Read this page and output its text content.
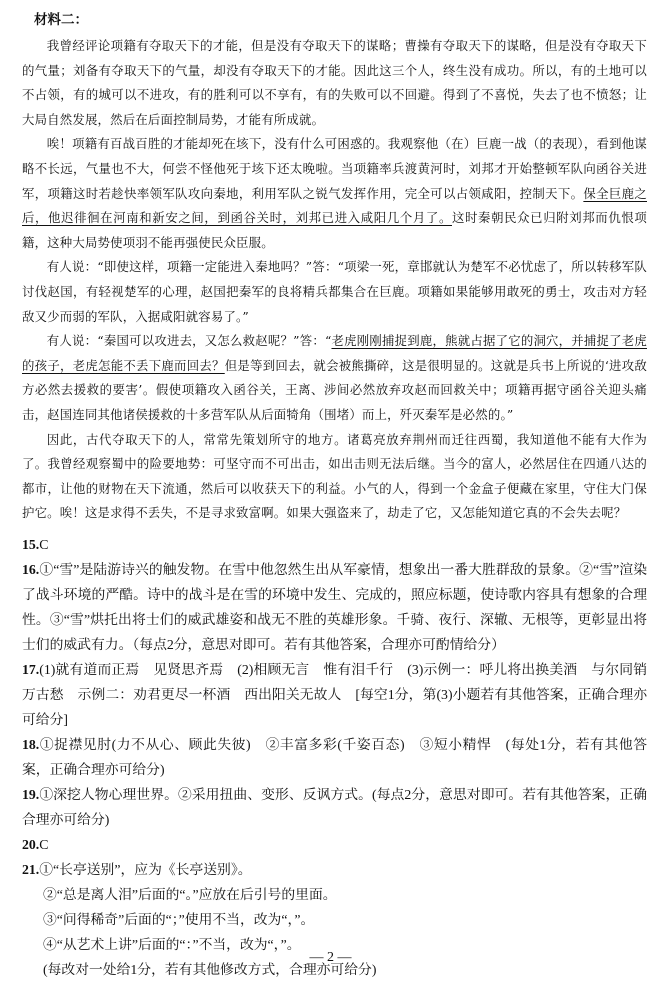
材料二：

我曾经评论项籍有夺取天下的才能，但是没有夺取天下的谋略；曹操有夺取天下的谋略，但是没有夺取天下的气量；刘备有夺取天下的气量，却没有夺取天下的才能。因此这三个人，终生没有成功。所以，有的土地可以不占领，有的城可以不进攻，有的胜利可以不享有，有的失败可以不回避。得到了不喜悦，失去了也不愤怒；让大局自然发展，然后在后面控制局势，才能有所成就。

唉！项籍有百战百胜的才能却死在垓下，没有什么可困惑的。我观察他（在）巨鹿一战（的表现），看到他谋略不长远，气量也不大，何尝不怪他死于垓下还太晚啦。当项籍率兵渡黄河时，刘邦才开始整顿军队向函谷关进军，项籍这时若趁快率领军队攻向秦地，利用军队之锐气发挥作用，完全可以占领咸阳，控制天下。保全巨鹿之后，他迟徘徊在河南和新安之间，到函谷关时，刘邦已进入咸阳几个月了。这时秦朝民众已归附刘邦而仇恨项籍，这种大局势使项羽不能再强使民众臣服。

有人说：“即使这样，项籍一定能进入秦地吗？”答：“项梁一死，章邯就认为楚军不必忧虑了，所以转移军队讨伐赵国，有轻视楚军的心理，赵国把秦军的良将精兵都集合在巨鹿。项籍如果能够用敢死的勇士，攻击对方轻敌又少而弱的军队，入据咸阳就容易了。”

有人说：“秦国可以攻进去，又怎么救赵呢？”答：“老虎刚刚捕捉到鹿，熊就占据了它的洞穴，并捕捉了老虎的孩子，老虎怎能不丢下鹿而回去？但是等到回去，就会被熊撕碎，这是很明显的。这就是兵书上所说的‘进攻敌方必然去援救的要害’。假使项籍攻入函谷关，王离、涉间必然放弃攻赵而回救关中；项籍再据守函谷关迎头痛击，赵国连同其他诸侯援救的十多营军队从后面犄角（围堵）而上，歼灭秦军是必然的。”

因此，古代夺取天下的人，常常先策划所守的地方。诸葛亮放弃荆州而迁往西蜀，我知道他不能有大作为了。我曾经观察蜀中的险要地势：可坚守而不可出击，如出击则无法后继。当今的富人，必然居住在四通八达的都市，让他的财物在天下流通，然后可以收获天下的利益。小气的人，得到一个金盒子便藏在家里，守住大门保护它。唉！这是求得不丢失，不是寻求致富啊。如果大强盗来了，劫走了它，又怎能知道它真的不会失去呢？

15.C

16.①“雪”是陆游诗兴的触发物。在雪中他忽然生出从军豪情，想象出一番大胜群敌的景象。②“雪”渲染了战斗环境的严酷。诗中的战斗是在雪的环境中发生、完成的，照应标题，使诗歌内容具有想象的合理性。③“雪”烘托出将士们的威武雄姿和战无不胜的英雄形象。千骑、夜行、深辙、无根等，更彰显出将士们的威武有力。（每点2分，意思对即可。若有其他答案，合理亦可酌情给分）

17.(1)就有道而正焉　见贤思齐焉　(2)相顾无言　惟有泪千行　(3)示例一：呼儿将出换美酒　与尔同销万古愁　示例二：劝君更尽一杯酒　西出阳关无故人　[每空1分，第(3)小题若有其他答案，正确合理亦可给分]

18.①捉襟见肘(力不从心、顾此失彼)　②丰富多彩(千姿百态)　③短小精悍　(每处1分，若有其他答案，正确合理亦可给分)

19.①深挖人物心理世界。②采用扭曲、变形、反讽方式。(每点2分，意思对即可。若有其他答案，正确合理亦可给分)

20.C

21.①“长亭送别”，应为《长亭送别》。

②“总是离人泪”后面的“。”应放在后引号的里面。

③“问得稀奇”后面的“；”使用不当，改为“，”。

④“从艺术上讲”后面的“：”不当，改为“，”。

(每改对一处给1分，若有其他修改方式，合理亦可给分)

— 2 —
